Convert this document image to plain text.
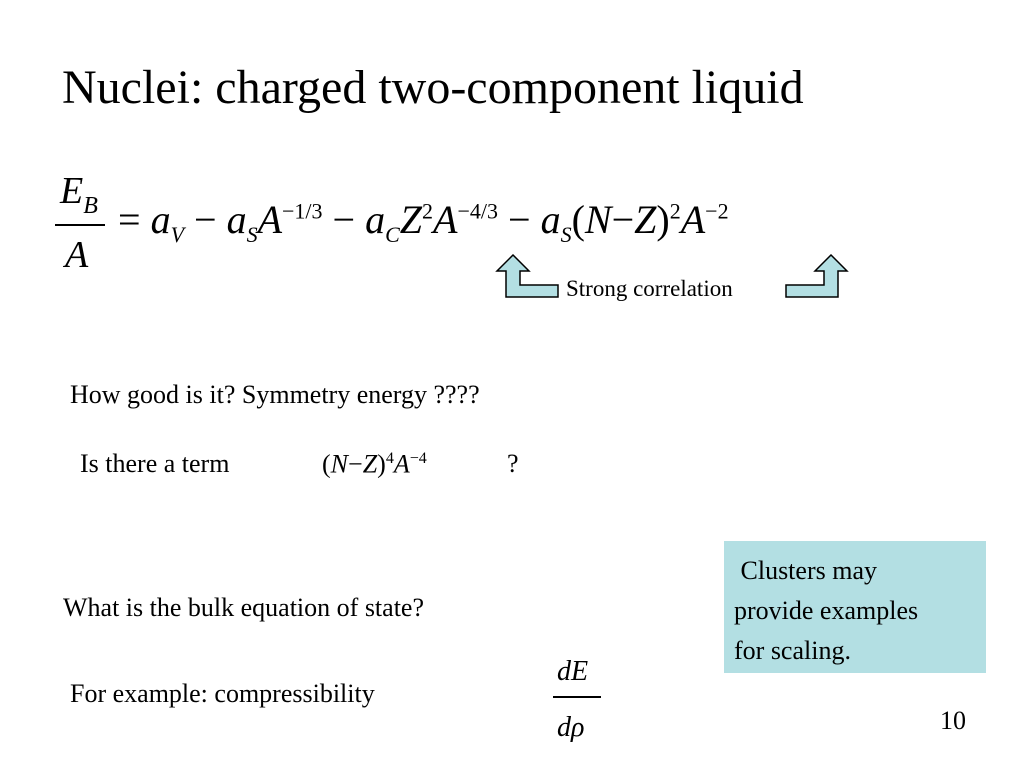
Nuclei: charged two-component liquid
$E_B$
A
= $a_V - a_SA^{-1/3} - a_CZ^2A^{-4/3} - a_S(N-Z)^2A^{-2}$
Strong correlation
How good is it? Symmetry energy ????
Is there a term	$(N-Z)^4A^{-4}$	?
What is the bulk equation of state?
For example: compressibility
dE
dρ
Clusters may
provide examples
for scaling.
10
